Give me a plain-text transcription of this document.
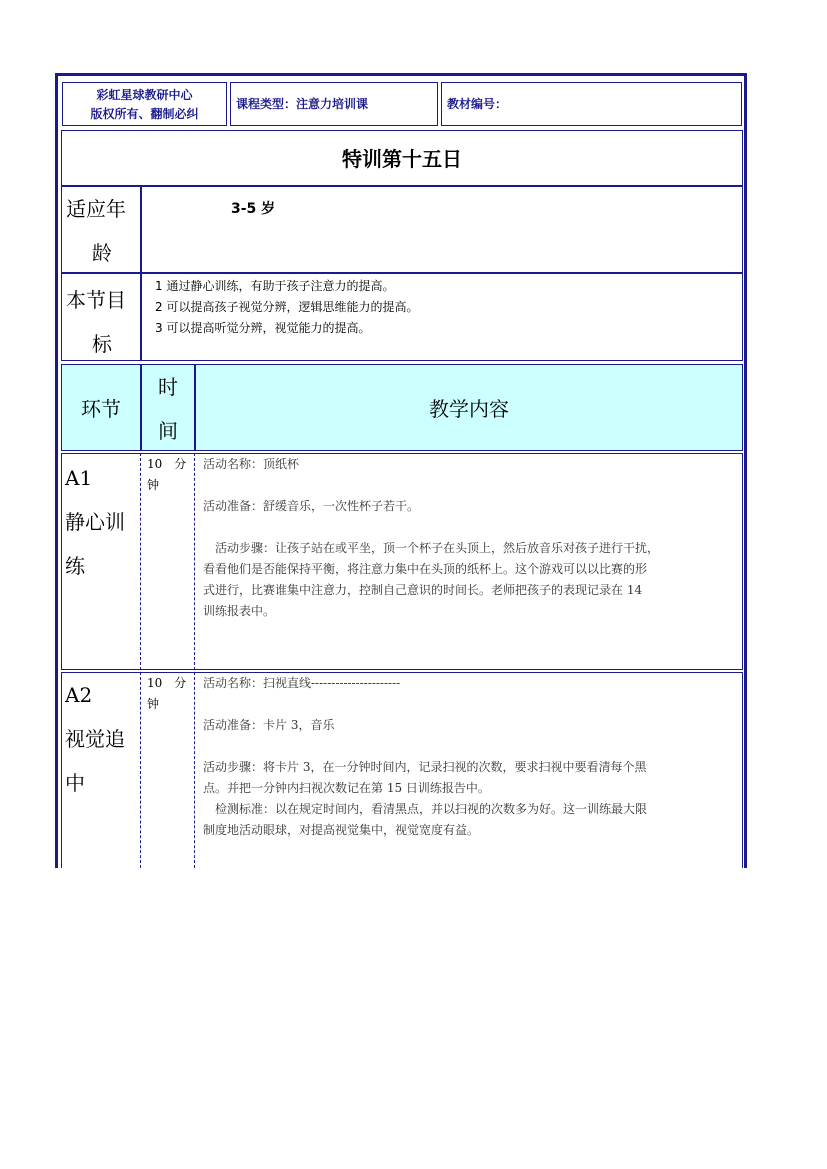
彩虹星球教研中心
版权所有、翻制必纠
课程类型：注意力培训课	教材编号：
特训第十五日
适应年
龄
3-5 岁
本节目
标
1 通过静心训练，有助于孩子注意力的提高。
2 可以提高孩子视觉分辨，逻辑思维能力的提高。
3 可以提高听觉分辨，视觉能力的提高。
环节
时
间
教学内容
A1
静心训
练
10　分
钟
活动名称：顶纸杯
活动准备：舒缓音乐，一次性杯子若干。
　活动步骤：让孩子站在或平坐，顶一个杯子在头顶上，然后放音乐对孩子进行干扰，
看看他们是否能保持平衡，将注意力集中在头顶的纸杯上。这个游戏可以以比赛的形
式进行，比赛谁集中注意力，控制自己意识的时间长。老师把孩子的表现记录在 14
训练报表中。
A2
视觉追
中
10　分
钟
活动名称：扫视直线----------------------
活动准备：卡片 3，音乐
活动步骤：将卡片 3，在一分钟时间内，记录扫视的次数，要求扫视中要看清每个黑
点。并把一分钟内扫视次数记在第 15 日训练报告中。
　检测标准：以在规定时间内，看清黑点，并以扫视的次数多为好。这一训练最大限
制度地活动眼球，对提高视觉集中，视觉宽度有益。
